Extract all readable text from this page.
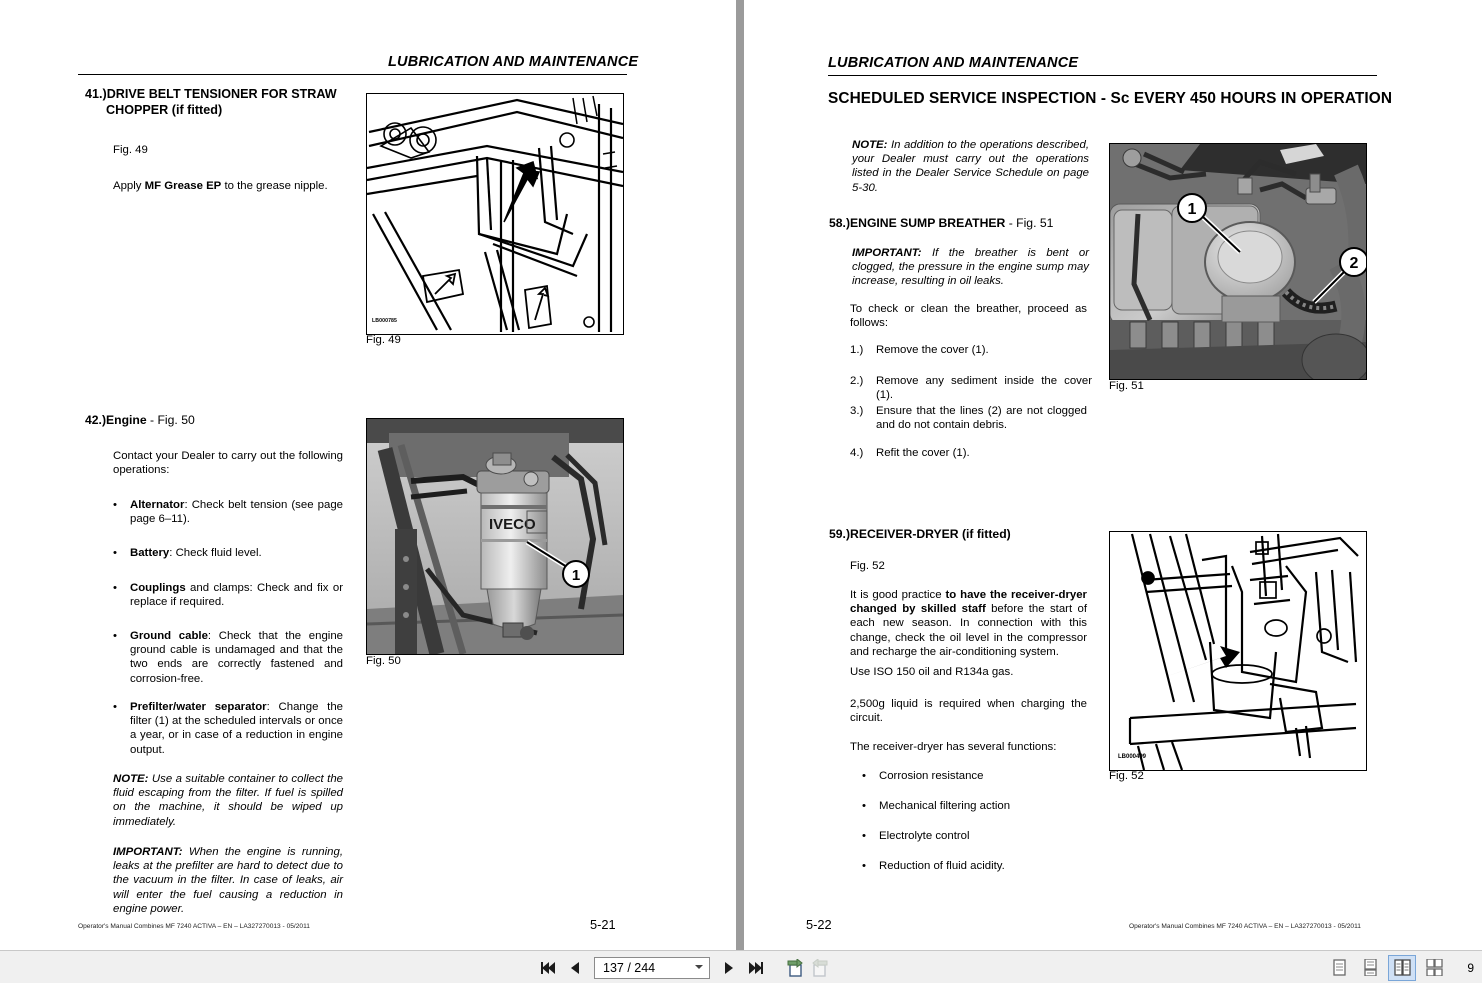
LUBRICATION AND MAINTENANCE
41.)DRIVE BELT TENSIONER FOR STRAW
CHOPPER (if fitted)
Fig. 49
Apply MF Grease EP to the grease nipple.
LB000785
Fig. 49
42.)Engine - Fig. 50
Contact your Dealer to carry out the following operations:
• Alternator: Check belt tension (see page page 6–11).
• Battery: Check fluid level.
• Couplings and clamps: Check and fix or replace if required.
• Ground cable: Check that the engine ground cable is undamaged and that the two ends are correctly fastened and corrosion-free.
• Prefilter/water separator: Change the filter (1) at the scheduled intervals or once a year, or in case of a reduction in engine output.
NOTE: Use a suitable container to collect the fluid escaping from the filter. If fuel is spilled on the machine, it should be wiped up immediately.
IMPORTANT: When the engine is running, leaks at the prefilter are hard to detect due to the vacuum in the filter. In case of leaks, air will enter the fuel causing a reduction in engine power.
IVECO
1
Fig. 50
5-21
Operator's Manual Combines MF 7240 ACTIVA – EN – LA327270013 - 05/2011
LUBRICATION AND MAINTENANCE
SCHEDULED SERVICE INSPECTION - Sc EVERY 450 HOURS IN OPERATION
NOTE: In addition to the operations described, your Dealer must carry out the operations listed in the Dealer Service Schedule on page 5-30.
58.)ENGINE SUMP BREATHER - Fig. 51
IMPORTANT: If the breather is bent or clogged, the pressure in the engine sump may increase, resulting in oil leaks.
To check or clean the breather, proceed as follows:
1.) Remove the cover (1).
2.) Remove any sediment inside the cover (1).
3.) Ensure that the lines (2) are not clogged and do not contain debris.
4.) Refit the cover (1).
1
2
Fig. 51
59.)RECEIVER-DRYER (if fitted)
Fig. 52
It is good practice to have the receiver-dryer changed by skilled staff before the start of each new season. In connection with this change, check the oil level in the compressor and recharge the air-conditioning system.
Use ISO 150 oil and R134a gas.
2,500g liquid is required when charging the circuit.
The receiver-dryer has several functions:
• Corrosion resistance
• Mechanical filtering action
• Electrolyte control
• Reduction of fluid acidity.
LB000499
Fig. 52
5-22	Operator's Manual Combines MF 7240 ACTIVA – EN – LA327270013 - 05/2011
137 / 244	9
